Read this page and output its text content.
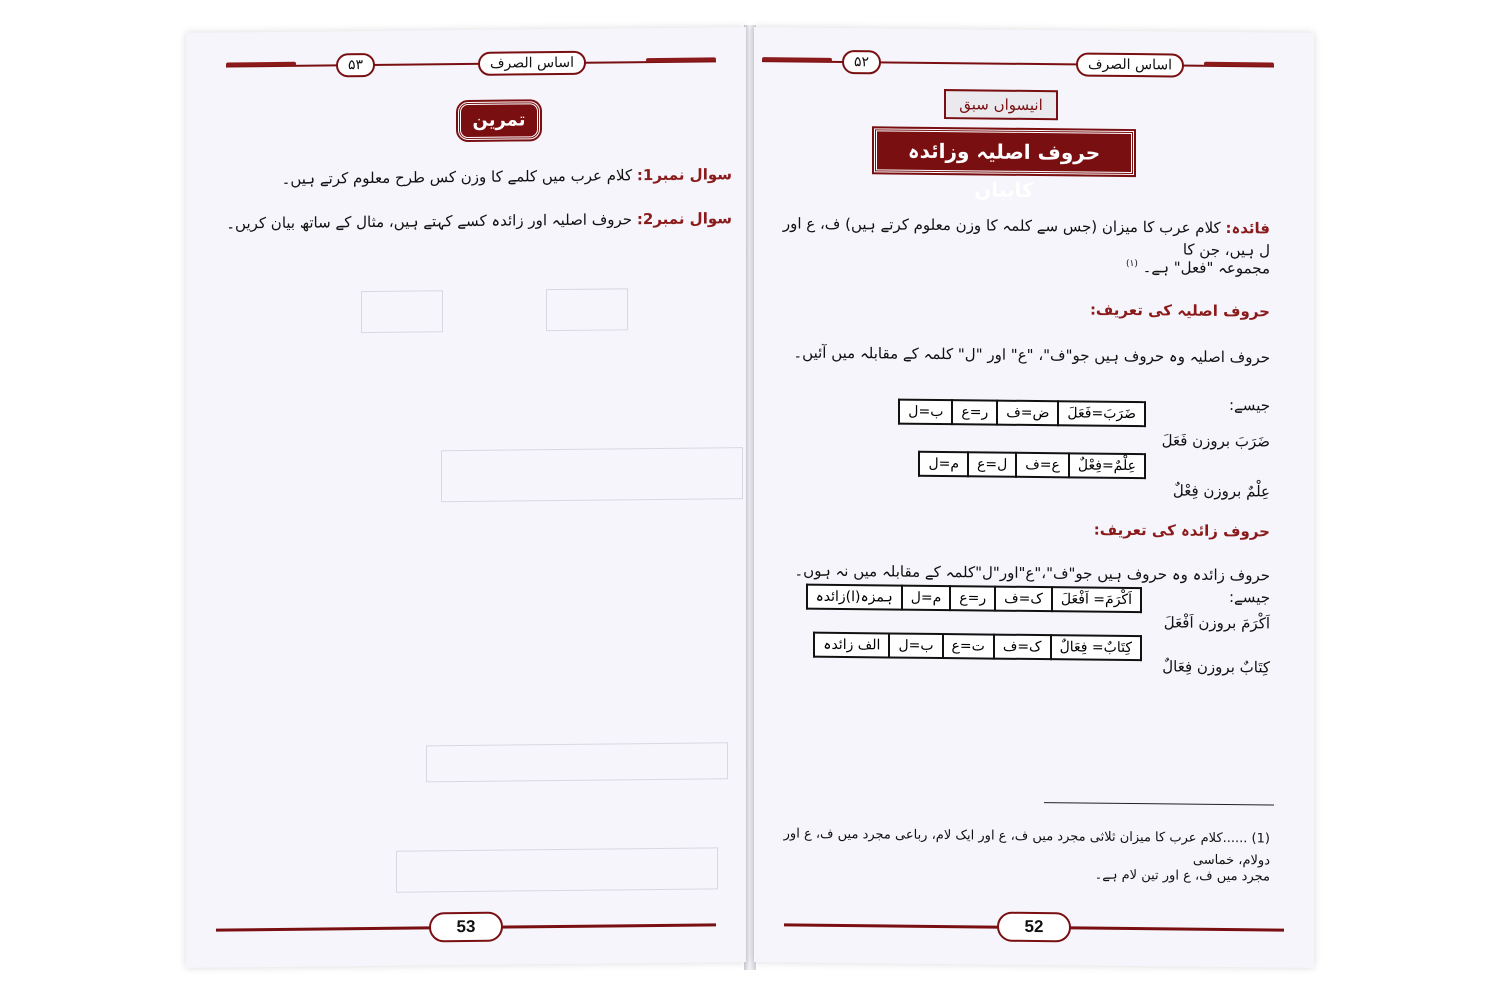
۵۳	اساس الصرف
تمرین
سوال نمبر1: کلام عرب میں کلمے کا وزن کس طرح معلوم کرتے ہیں۔
سوال نمبر2: حروف اصلیہ اور زائدہ کسے کہتے ہیں، مثال کے ساتھ بیان کریں۔
53
۵۲	اساس الصرف
انیسواں سبق
حروف اصلیہ وزائدہ کابیان
فائدہ: کلام عرب کا میزان (جس سے کلمہ کا وزن معلوم کرتے ہیں) ف، ع اور ل ہیں، جن کا
مجموعہ "فعل" ہے۔ $^{(۱)}$
حروف اصلیہ کی تعریف:
حروف اصلیہ وہ حروف ہیں جو"ف"، "ع" اور "ل" کلمہ کے مقابلہ میں آئیں۔
جیسے:
ضَرَبَ بروزن فَعَلَ
ضَرَبَ=فَعَلَ	ض=ف	ر=ع	ب=ل
عِلْمٌ بروزن فِعْلٌ
عِلْمٌ=فِعْلٌ	ع=ف	ل=ع	م=ل
حروف زائدہ کی تعریف:
حروف زائدہ وہ حروف ہیں جو"ف"،"ع"اور"ل"کلمہ کے مقابلہ میں نہ ہوں۔ جیسے:
اَکْرَمَ بروزن اَفْعَلَ
اَکْرَمَ= اَفْعَلَ	ک=ف	ر=ع	م=ل	ہمزہ(ا)زائدہ
کِتَابٌ بروزن فِعَالٌ
کِتَابٌ= فِعَالٌ	ک=ف	ت=ع	ب=ل	الف زائدہ
(1) ......کلام عرب کا میزان ثلاثی مجرد میں ف، ع اور ایک لام، رباعی مجرد میں ف، ع اور دولام، خماسی
مجرد میں ف، ع اور تین لام ہے۔
52
